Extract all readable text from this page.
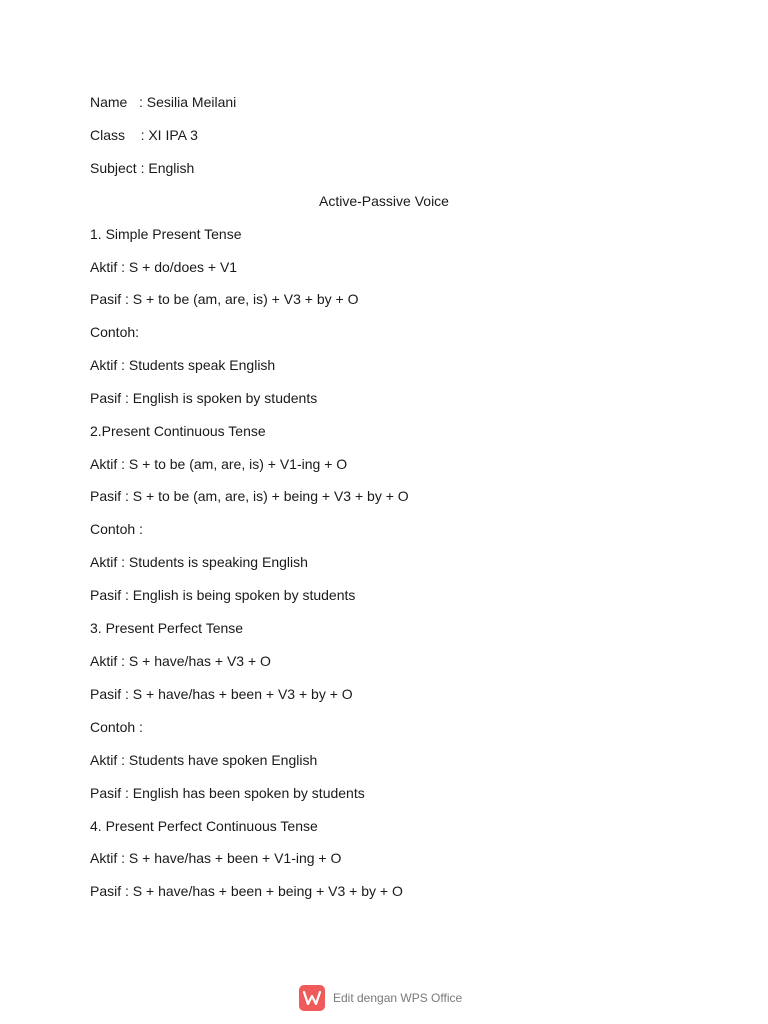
Name   : Sesilia Meilani
Class    : XI IPA 3
Subject : English
Active-Passive Voice
1. Simple Present Tense
Aktif : S + do/does + V1
Pasif : S + to be (am, are, is) + V3 + by + O
Contoh:
Aktif : Students speak English
Pasif : English is spoken by students
2.Present Continuous Tense
Aktif : S + to be (am, are, is) + V1-ing + O
Pasif : S + to be (am, are, is) + being + V3 + by + O
Contoh :
Aktif : Students is speaking English
Pasif : English is being spoken by students
3. Present Perfect Tense
Aktif : S + have/has + V3 + O
Pasif : S + have/has + been + V3 + by + O
Contoh :
Aktif : Students have spoken English
Pasif : English has been spoken by students
4. Present Perfect Continuous Tense
Aktif : S + have/has + been + V1-ing + O
Pasif : S + have/has + been + being + V3 + by + O
Edit dengan WPS Office
